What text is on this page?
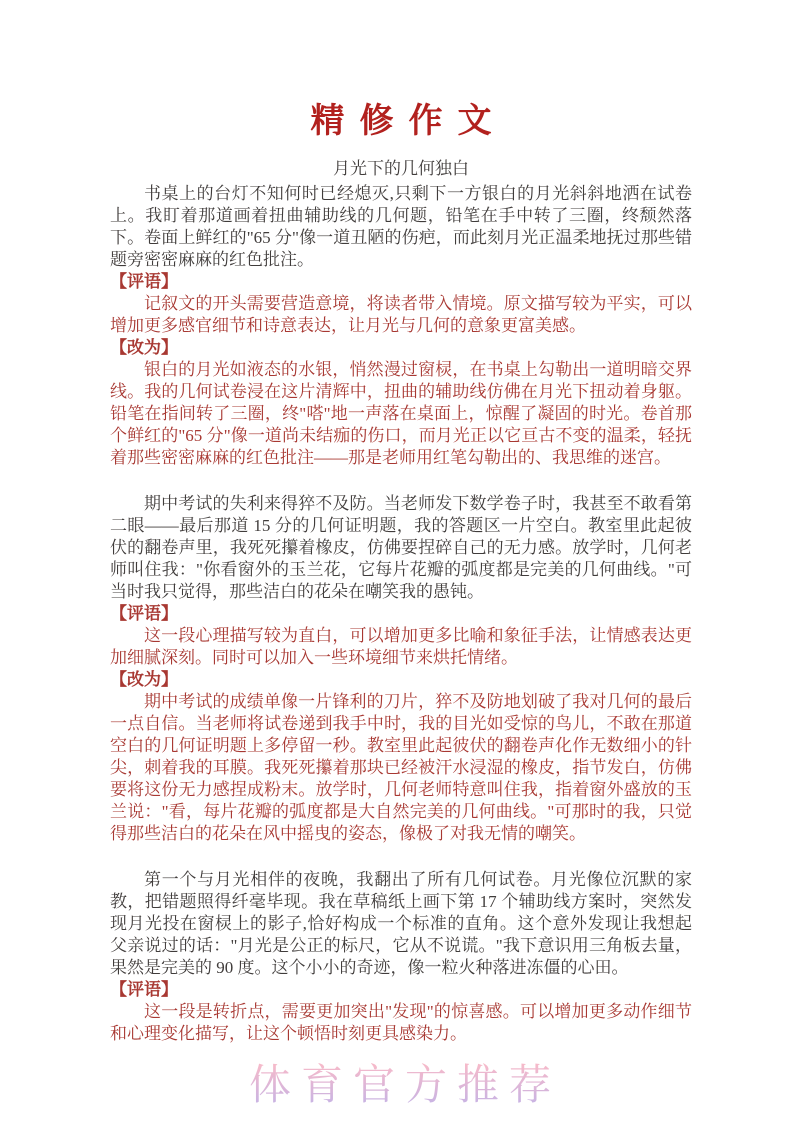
精修作文
月光下的几何独白
书桌上的台灯不知何时已经熄灭,只剩下一方银白的月光斜斜地洒在试卷上。我盯着那道画着扭曲辅助线的几何题，铅笔在手中转了三圈，终颓然落下。卷面上鲜红的"65 分"像一道丑陋的伤疤，而此刻月光正温柔地抚过那些错题旁密密麻麻的红色批注。
【评语】
记叙文的开头需要营造意境，将读者带入情境。原文描写较为平实，可以增加更多感官细节和诗意表达，让月光与几何的意象更富美感。
【改为】
银白的月光如液态的水银，悄然漫过窗棂，在书桌上勾勒出一道明暗交界线。我的几何试卷浸在这片清辉中，扭曲的辅助线仿佛在月光下扭动着身躯。铅笔在指间转了三圈，终"嗒"地一声落在桌面上，惊醒了凝固的时光。卷首那个鲜红的"65 分"像一道尚未结痂的伤口，而月光正以它亘古不变的温柔，轻抚着那些密密麻麻的红色批注——那是老师用红笔勾勒出的、我思维的迷宫。
期中考试的失利来得猝不及防。当老师发下数学卷子时，我甚至不敢看第二眼——最后那道 15 分的几何证明题，我的答题区一片空白。教室里此起彼伏的翻卷声里，我死死攥着橡皮，仿佛要捏碎自己的无力感。放学时，几何老师叫住我："你看窗外的玉兰花，它每片花瓣的弧度都是完美的几何曲线。"可当时我只觉得，那些洁白的花朵在嘲笑我的愚钝。
【评语】
这一段心理描写较为直白，可以增加更多比喻和象征手法，让情感表达更加细腻深刻。同时可以加入一些环境细节来烘托情绪。
【改为】
期中考试的成绩单像一片锋利的刀片，猝不及防地划破了我对几何的最后一点自信。当老师将试卷递到我手中时，我的目光如受惊的鸟儿，不敢在那道空白的几何证明题上多停留一秒。教室里此起彼伏的翻卷声化作无数细小的针尖，刺着我的耳膜。我死死攥着那块已经被汗水浸湿的橡皮，指节发白，仿佛要将这份无力感捏成粉末。放学时，几何老师特意叫住我，指着窗外盛放的玉兰说："看，每片花瓣的弧度都是大自然完美的几何曲线。"可那时的我，只觉得那些洁白的花朵在风中摇曳的姿态，像极了对我无情的嘲笑。
第一个与月光相伴的夜晚，我翻出了所有几何试卷。月光像位沉默的家教，把错题照得纤毫毕现。我在草稿纸上画下第 17 个辅助线方案时，突然发现月光投在窗棂上的影子,恰好构成一个标准的直角。这个意外发现让我想起父亲说过的话："月光是公正的标尺，它从不说谎。"我下意识用三角板去量，果然是完美的 90 度。这个小小的奇迹，像一粒火种落进冻僵的心田。
【评语】
这一段是转折点，需要更加突出"发现"的惊喜感。可以增加更多动作细节和心理变化描写，让这个顿悟时刻更具感染力。
体育官方推荐
